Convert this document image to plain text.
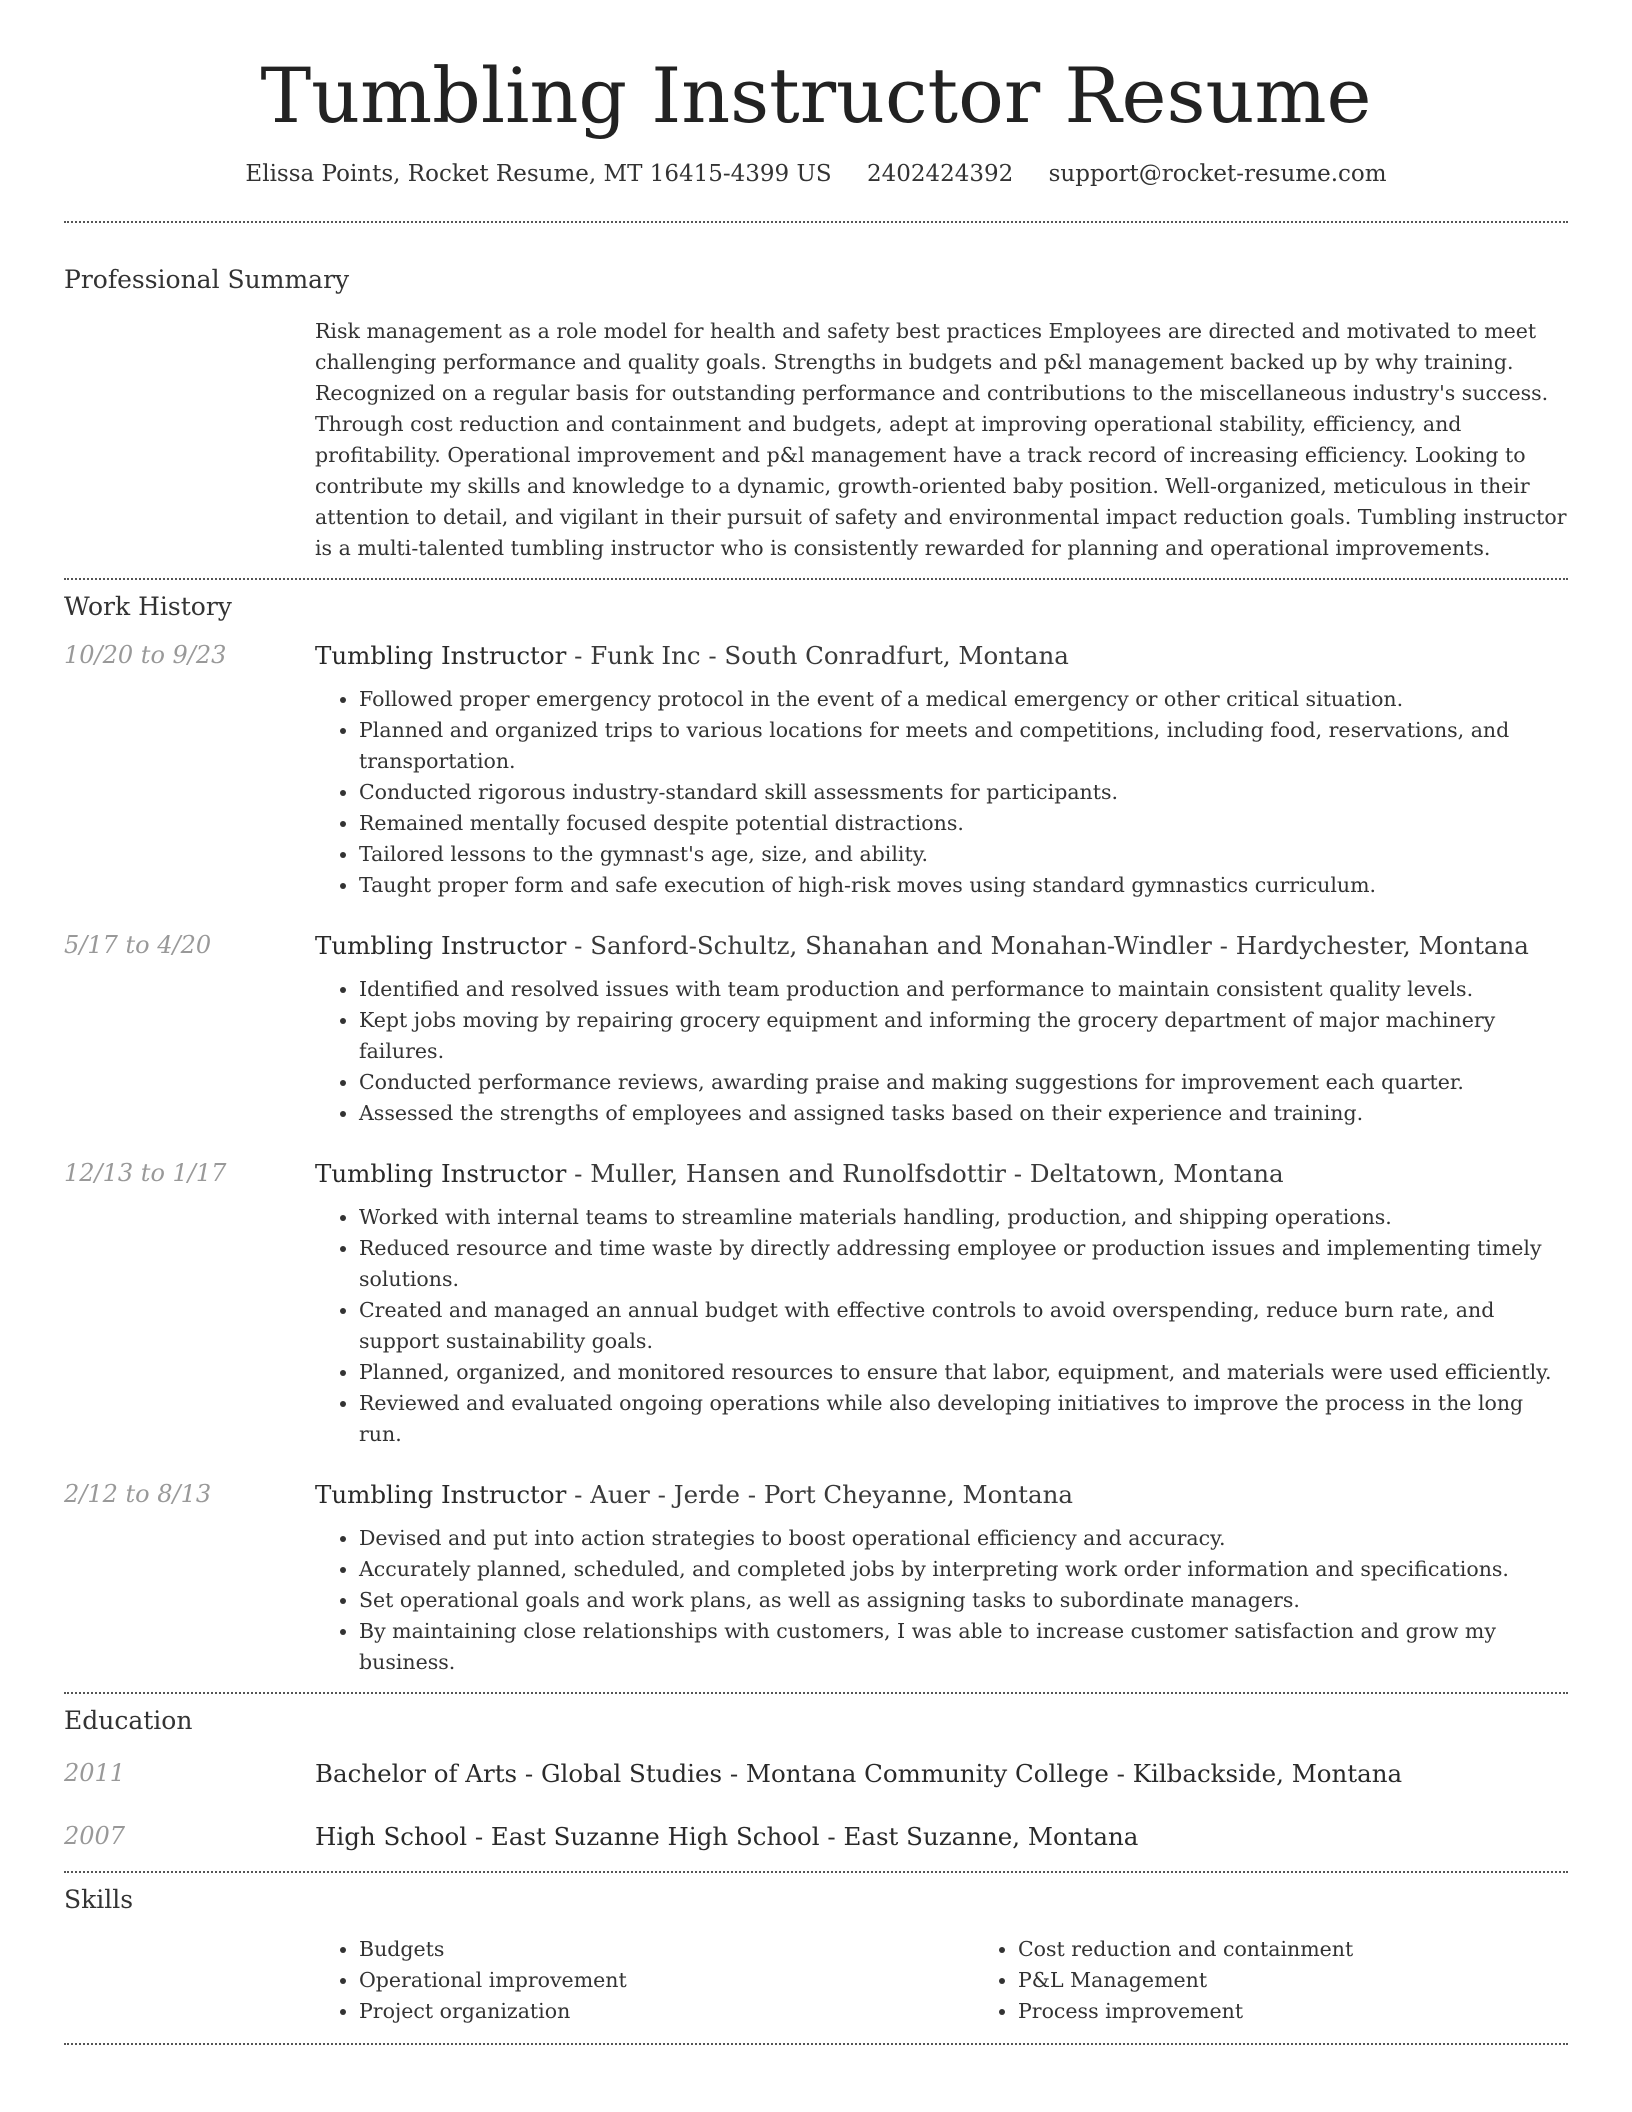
Tumbling Instructor Resume
Elissa Points, Rocket Resume, MT 16415-4399 US 2402424392 support@rocket-resume.com
Professional Summary

Risk management as a role model for health and safety best practices Employees are directed and motivated to meet challenging performance and quality goals. Strengths in budgets and p&l management backed up by why training. Recognized on a regular basis for outstanding performance and contributions to the miscellaneous industry's success. Through cost reduction and containment and budgets, adept at improving operational stability, efficiency, and profitability. Operational improvement and p&l management have a track record of increasing efficiency. Looking to contribute my skills and knowledge to a dynamic, growth-oriented baby position. Well-organized, meticulous in their attention to detail, and vigilant in their pursuit of safety and environmental impact reduction goals. Tumbling instructor is a multi-talented tumbling instructor who is consistently rewarded for planning and operational improvements.

Work History
10/20 to 9/23	Tumbling Instructor - Funk Inc - South Conradfurt, Montana
• Followed proper emergency protocol in the event of a medical emergency or other critical situation.
• Planned and organized trips to various locations for meets and competitions, including food, reservations, and transportation.
• Conducted rigorous industry-standard skill assessments for participants.
• Remained mentally focused despite potential distractions.
• Tailored lessons to the gymnast's age, size, and ability.
• Taught proper form and safe execution of high-risk moves using standard gymnastics curriculum.
5/17 to 4/20	Tumbling Instructor - Sanford-Schultz, Shanahan and Monahan-Windler - Hardychester, Montana
• Identified and resolved issues with team production and performance to maintain consistent quality levels.
• Kept jobs moving by repairing grocery equipment and informing the grocery department of major machinery failures.
• Conducted performance reviews, awarding praise and making suggestions for improvement each quarter.
• Assessed the strengths of employees and assigned tasks based on their experience and training.
12/13 to 1/17	Tumbling Instructor - Muller, Hansen and Runolfsdottir - Deltatown, Montana
• Worked with internal teams to streamline materials handling, production, and shipping operations.
• Reduced resource and time waste by directly addressing employee or production issues and implementing timely solutions.
• Created and managed an annual budget with effective controls to avoid overspending, reduce burn rate, and support sustainability goals.
• Planned, organized, and monitored resources to ensure that labor, equipment, and materials were used efficiently.
• Reviewed and evaluated ongoing operations while also developing initiatives to improve the process in the long run.
2/12 to 8/13	Tumbling Instructor - Auer - Jerde - Port Cheyanne, Montana
• Devised and put into action strategies to boost operational efficiency and accuracy.
• Accurately planned, scheduled, and completed jobs by interpreting work order information and specifications.
• Set operational goals and work plans, as well as assigning tasks to subordinate managers.
• By maintaining close relationships with customers, I was able to increase customer satisfaction and grow my business.
Education
2011	Bachelor of Arts - Global Studies - Montana Community College - Kilbackside, Montana
2007	High School - East Suzanne High School - East Suzanne, Montana
Skills
• Budgets
• Operational improvement
• Project organization
• Cost reduction and containment
• P&L Management
• Process improvement
